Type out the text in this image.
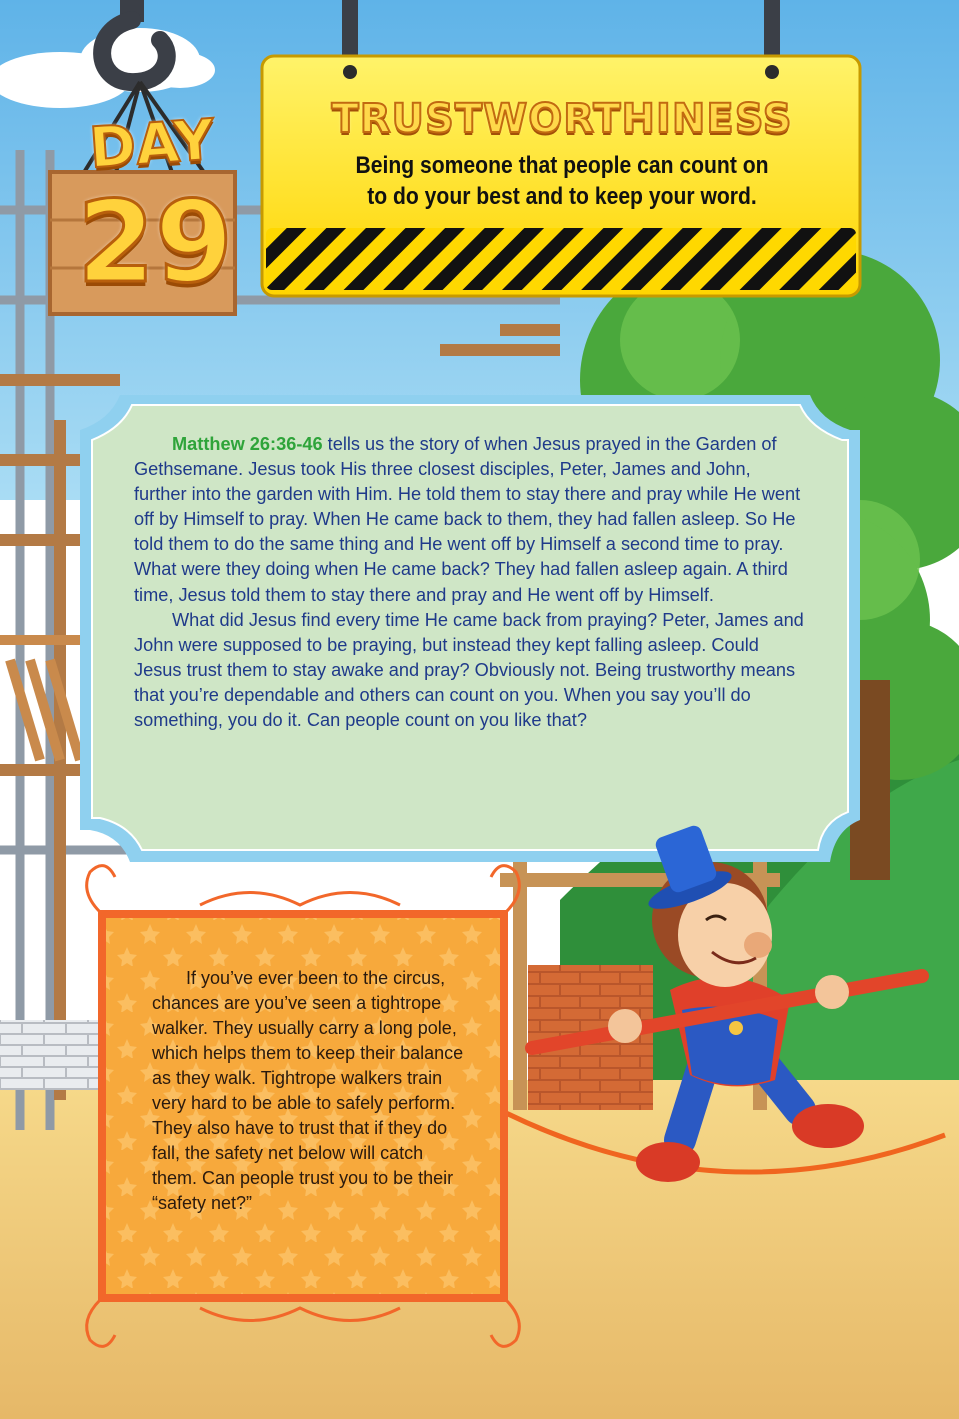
DAY
29
TRUSTWORTHINESS
Being someone that people can count on
to do your best and to keep your word.

Matthew 26:36-46 tells us the story of when Jesus prayed in the Garden of Gethsemane. Jesus took His three closest disciples, Peter, James and John, further into the garden with Him. He told them to stay there and pray while He went off by Himself to pray. When He came back to them, they had fallen asleep. So He told them to do the same thing and He went off by Himself a second time to pray. What were they doing when He came back? They had fallen asleep again. A third time, Jesus told them to stay there and pray and He went off by Himself.

What did Jesus find every time He came back from praying? Peter, James and John were supposed to be praying, but instead they kept falling asleep. Could Jesus trust them to stay awake and pray? Obviously not. Being trustworthy means that you’re dependable and others can count on you. When you say you’ll do something, you do it. Can people count on you like that?

If you’ve ever been to the circus, chances are you’ve seen a tightrope walker. They usually carry a long pole, which helps them to keep their balance as they walk. Tightrope walkers train very hard to be able to safely perform. They also have to trust that if they do fall, the safety net below will catch them. Can people trust you to be their “safety net?”
